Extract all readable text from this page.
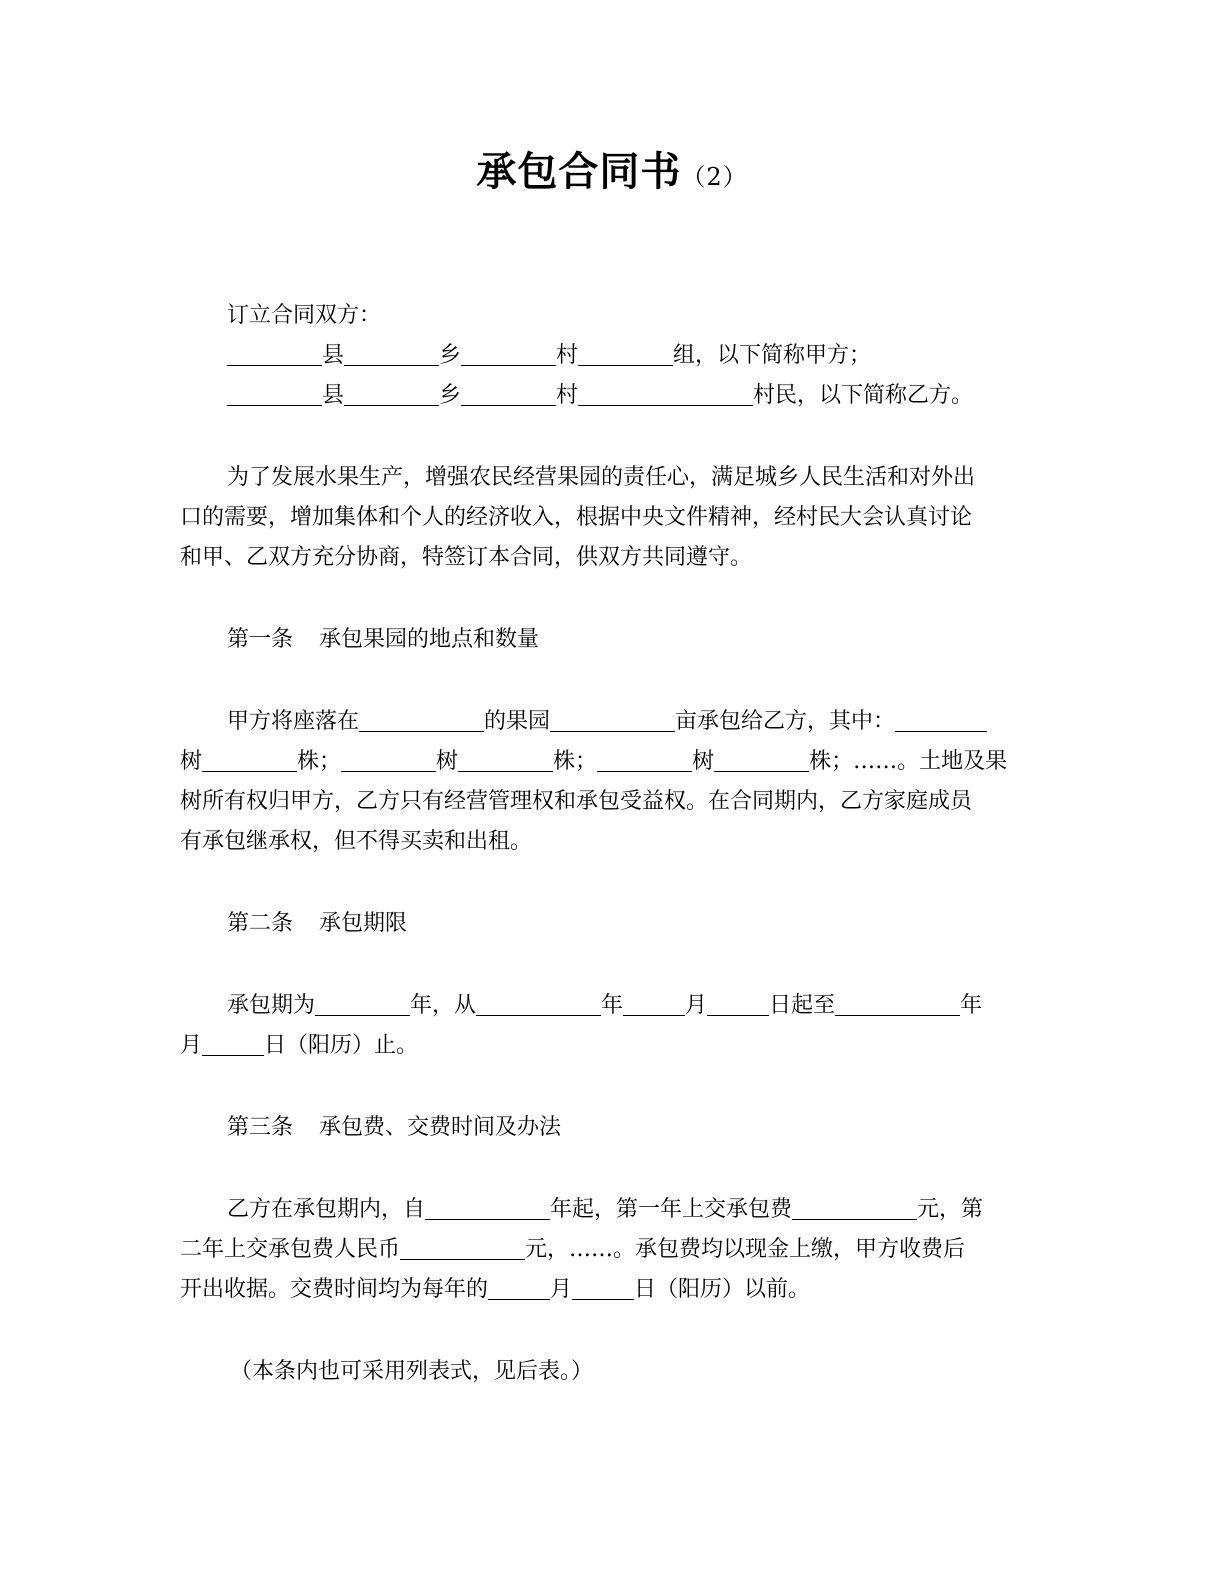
承包合同书（2）
订立合同双方：
县	乡	村	组，以下简称甲方；
县	乡	村	村民，以下简称乙方。
为了发展水果生产，增强农民经营果园的责任心，满足城乡人民生活和对外出
口的需要，增加集体和个人的经济收入，根据中央文件精神，经村民大会认真讨论
和甲、乙双方充分协商，特签订本合同，供双方共同遵守。
第一条 承包果园的地点和数量
甲方将座落在	的果园	亩承包给乙方，其中：
树	株；	树	株；	树	株；……。土地及果
树所有权归甲方，乙方只有经营管理权和承包受益权。在合同期内，乙方家庭成员
有承包继承权，但不得买卖和出租。
第二条 承包期限
承包期为	年，从	年	月	日起至	年
月	日（阳历）止。
第三条 承包费、交费时间及办法
乙方在承包期内，自	年起，第一年上交承包费	元，第
二年上交承包费人民币	元，……。承包费均以现金上缴，甲方收费后
开出收据。交费时间均为每年的	月	日（阳历）以前。
（本条内也可采用列表式，见后表。）
